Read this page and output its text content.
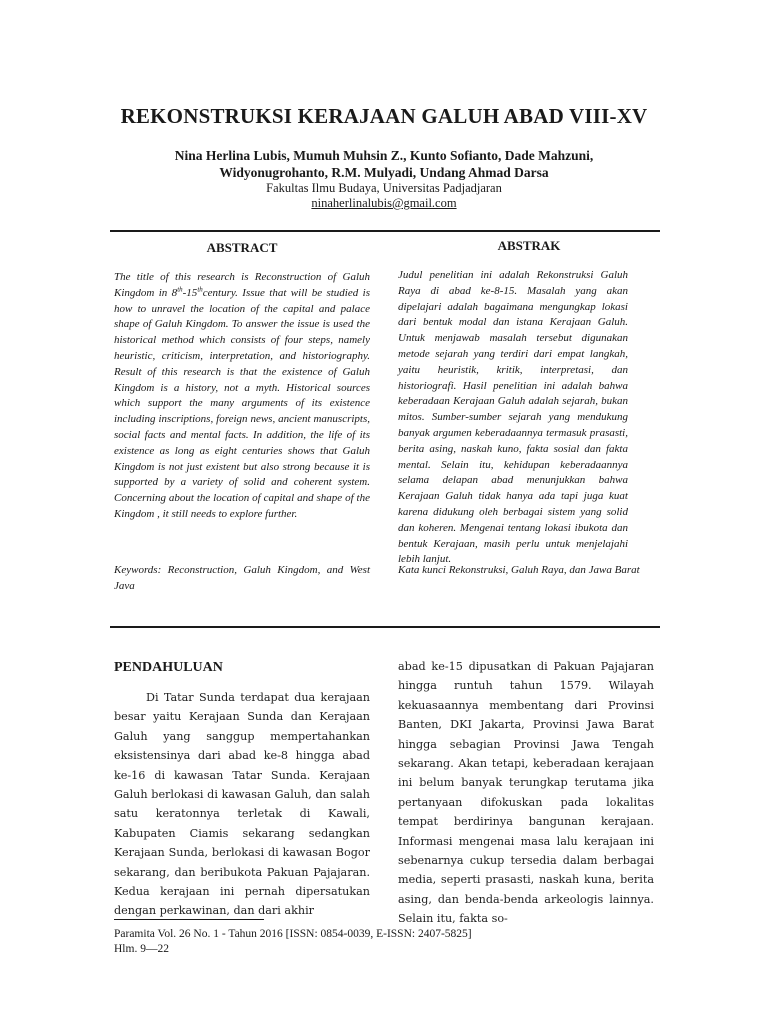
REKONSTRUKSI KERAJAAN GALUH ABAD VIII-XV
Nina Herlina Lubis, Mumuh Muhsin Z., Kunto Sofianto, Dade Mahzuni,
Widyonugrohanto, R.M. Mulyadi, Undang Ahmad Darsa
Fakultas Ilmu Budaya, Universitas Padjadjaran
ninaherlinalubis@gmail.com
ABSTRACT
The title of this research is Reconstruction of Galuh Kingdom in 8th-15thcentury. Issue that will be studied is how to unravel the location of the capital and palace shape of Galuh Kingdom. To answer the issue is used the historical method which consists of four steps, namely heuristic, criticism, interpretation, and historiography. Result of this research is that the existence of Galuh Kingdom is a history, not a myth. Historical sources which support the many arguments of its existence including inscriptions, foreign news, ancient manuscripts, social facts and mental facts. In addition, the life of its existence as long as eight centuries shows that Galuh Kingdom is not just existent but also strong because it is supported by a variety of solid and coherent system. Concerning about the location of capital and shape of the Kingdom , it still needs to explore further.
Keywords: Reconstruction, Galuh Kingdom, and West Java
ABSTRAK
Judul penelitian ini adalah Rekonstruksi Galuh Raya di abad ke-8-15. Masalah yang akan dipelajari adalah bagaimana mengungkap lokasi dari bentuk modal dan istana Kerajaan Galuh. Untuk menjawab masalah tersebut digunakan metode sejarah yang terdiri dari empat langkah, yaitu heuristik, kritik, interpretasi, dan historiografi. Hasil penelitian ini adalah bahwa keberadaan Kerajaan Galuh adalah sejarah, bukan mitos. Sumber-sumber sejarah yang mendukung banyak argumen keberadaannya termasuk prasasti, berita asing, naskah kuno, fakta sosial dan fakta mental. Selain itu, kehidupan keberadaannya selama delapan abad menunjukkan bahwa Kerajaan Galuh tidak hanya ada tapi juga kuat karena didukung oleh berbagai sistem yang solid dan koheren. Mengenai tentang lokasi ibukota dan bentuk Kerajaan, masih perlu untuk menjelajahi lebih lanjut.
Kata kunci Rekonstruksi, Galuh Raya, dan Jawa Barat
PENDAHULUAN

Di Tatar Sunda terdapat dua kerajaan besar yaitu Kerajaan Sunda dan Kerajaan Galuh yang sanggup mempertahankan eksistensinya dari abad ke-8 hingga abad ke-16 di kawasan Tatar Sunda. Kerajaan Galuh berlokasi di kawasan Galuh, dan salah satu keratonnya terletak di Kawali, Kabupaten Ciamis sekarang sedangkan Kerajaan Sunda, berlokasi di kawasan Bogor sekarang, dan beribukota Pakuan Pajajaran. Kedua kerajaan ini pernah dipersatukan dengan perkawinan, dan dari akhir

abad ke-15 dipusatkan di Pakuan Pajajaran hingga runtuh tahun 1579. Wilayah kekuasaannya membentang dari Provinsi Banten, DKI Jakarta, Provinsi Jawa Barat hingga sebagian Provinsi Jawa Tengah sekarang. Akan tetapi, keberadaan kerajaan ini belum banyak terungkap terutama jika pertanyaan difokuskan pada lokalitas tempat berdirinya bangunan kerajaan. Informasi mengenai masa lalu kerajaan ini sebenarnya cukup tersedia dalam berbagai media, seperti prasasti, naskah kuna, berita asing, dan benda-benda arkeologis lainnya. Selain itu, fakta so-

Paramita Vol. 26 No. 1 - Tahun 2016 [ISSN: 0854-0039, E-ISSN: 2407-5825]
Hlm. 9—22
